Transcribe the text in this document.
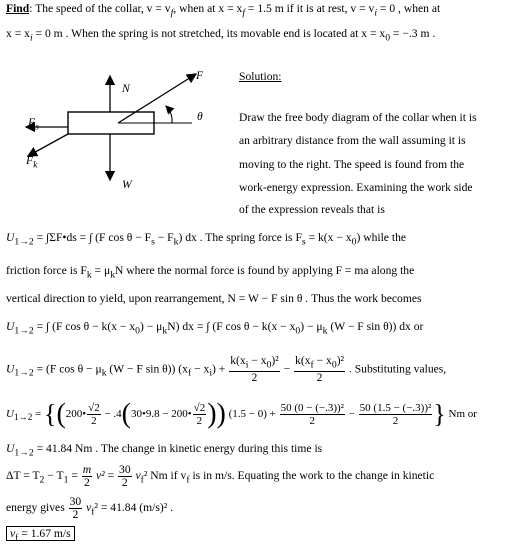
Find: The speed of the collar, $v = v_f$, when at $x = x_f = 1.5$ m if it is at rest, $v = v_i = 0$ , when at
$x = x_i = 0$ m . When the spring is not stretched, its movable end is located at $x = x_0 = -.3$ m .
N
F
θ
$F_s$
$F_k$
W
Solution:
Draw the free body diagram of the collar when it is
an arbitrary distance from the wall assuming it is
moving to the right. The speed is found from the
work-energy expression. Examining the work side
of the expression reveals that is
$U_{1\to 2}$ = ∫ΣF•ds = ∫ (F $\cos \theta - F_s - F_k$) dx . The spring force is $F_s = k(x - x_0)$ while the
friction force is $F_k = \mu_kN$ where the normal force is found by applying F = ma along the
vertical direction to yield, upon rearrangement, N = W − F sin θ . Thus the work becomes
$U_{1\to 2}$ = ∫ (F $\cos \theta - k(x - x_0) - \mu_kN$) dx = ∫ (F $\cos \theta - k(x - x_0) - \mu_k$ (W − F sin θ)) dx or
$U_{1\to 2} = (F$ $\cos \theta - \mu_k$ (W − F sin θ)) $(x_f - x_i) + \frac{k(x_i - x_0)^2}{2} - \frac{k(x_f - x_0)^2}{2}$ . Substituting values,
$U_{1\to 2}$ = {(200• $\frac{√2}{2}$ − .4(30•9.8 − 200• $\frac{√2}{2}$ )) $(1.5 - 0) + \frac{\text{50 (0 − (−.3))²}}{2} - \frac{\text{50 (1.5 − (−.3))²}}{2}$ } Nm or
$U_{1\to 2} = 41.84$ Nm . The change in kinetic energy during this time is
$\Delta T = T_2 - T_1 = \frac{m}{2} v^2 = \frac{30}{2} v_f^2$ Nm if $v_f$ is in m/s. Equating the work to the change in kinetic
energy gives $\frac{30}{2} v_f^2 = 41.84$ (m/s)² .
$v_f = 1.67$ m/s
